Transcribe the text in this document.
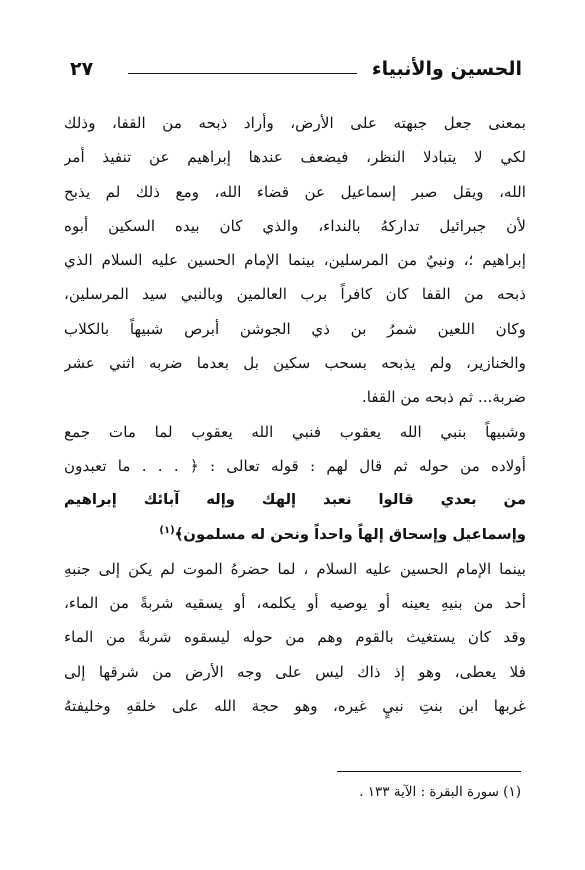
الحسين والأنبياء
٢٧
بمعنى جعل جبهته على الأرض، وأراد ذبحه من القفا، وذلك
لكي لا يتبادلا النظر، فيضعف عندها إبراهيم عن تنفيذ أمر
الله، ويقل صبر إسماعيل عن قضاء الله، ومع ذلك لم يذبح
لأن جبرائيل تداركهُ بالنداء، والذي كان بيده السكين أبوه
إبراهيم ؛، ونبيٌ من المرسلين، بينما الإمام الحسين عليه السلام الذي
ذبحه من القفا كان كافراً برب العالمين وبالنبي سيد المرسلين،
وكان اللعين شمرُ بن ذي الجوشن أبرص شبيهاً بالكلاب
والخنازير، ولم يذبحه بسحب سكين بل بعدما ضربه اثني عشر
ضربة... ثم ذبحه من القفا.
وشبيهاً بنبي الله يعقوب فنبي الله يعقوب لما مات جمع
أولاده من حوله ثم قال لهم : قوله تعالى : ﴿ . . . ما تعبدون
من بعدي قالوا نعبد إلهك وإله آبائك إبراهيم
وإسماعيل وإسحاق إلهاً واحداً ونحن له مسلمون﴾$^{(١)}$
بينما الإمام الحسين عليه السلام ، لما حضرهُ الموت لم يكن إلى جنبهِ
أحد من بنيهِ يعينه أو يوصيه أو يكلمه، أو يسقيه شربةً من الماء،
وقد كان يستغيث بالقوم وهم من حوله ليسقوه شربةً من الماء
فلا يعطى، وهو إذ ذاك ليس على وجه الأرض من شرقها إلى
غربها ابن بنتِ نبيٍ غيره، وهو حجة الله على خلقهِ وخليفتهُ
(١) سورة البقرة : الآية ١٣٣ .
